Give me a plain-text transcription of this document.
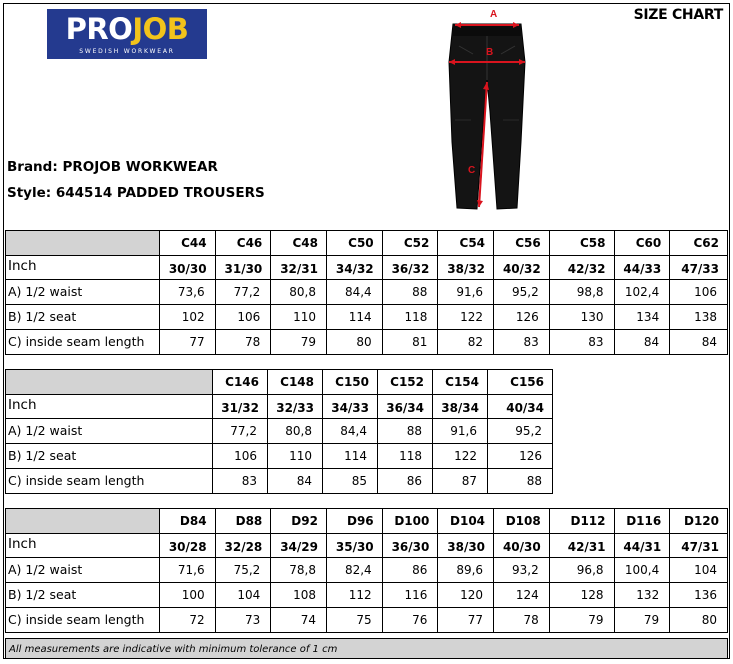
PROJOB
SWEDISH WORKWEAR
SIZE CHART
Brand: PROJOB WORKWEAR
Style: 644514 PADDED TROUSERS
A
B
C
	C44	C46	C48	C50	C52	C54	C56	C58	C60	C62
Inch	30/30	31/30	32/31	34/32	36/32	38/32	40/32	42/32	44/33	47/33
A) 1/2 waist	73,6	77,2	80,8	84,4	88	91,6	95,2	98,8	102,4	106
B) 1/2 seat	102	106	110	114	118	122	126	130	134	138
C) inside seam length	77	78	79	80	81	82	83	83	84	84
	C146	C148	C150	C152	C154	C156
Inch	31/32	32/33	34/33	36/34	38/34	40/34
A) 1/2 waist	77,2	80,8	84,4	88	91,6	95,2
B) 1/2 seat	106	110	114	118	122	126
C) inside seam length	83	84	85	86	87	88
	D84	D88	D92	D96	D100	D104	D108	D112	D116	D120
Inch	30/28	32/28	34/29	35/30	36/30	38/30	40/30	42/31	44/31	47/31
A) 1/2 waist	71,6	75,2	78,8	82,4	86	89,6	93,2	96,8	100,4	104
B) 1/2 seat	100	104	108	112	116	120	124	128	132	136
C) inside seam length	72	73	74	75	76	77	78	79	79	80
All measurements are indicative with minimum tolerance of 1 cm
